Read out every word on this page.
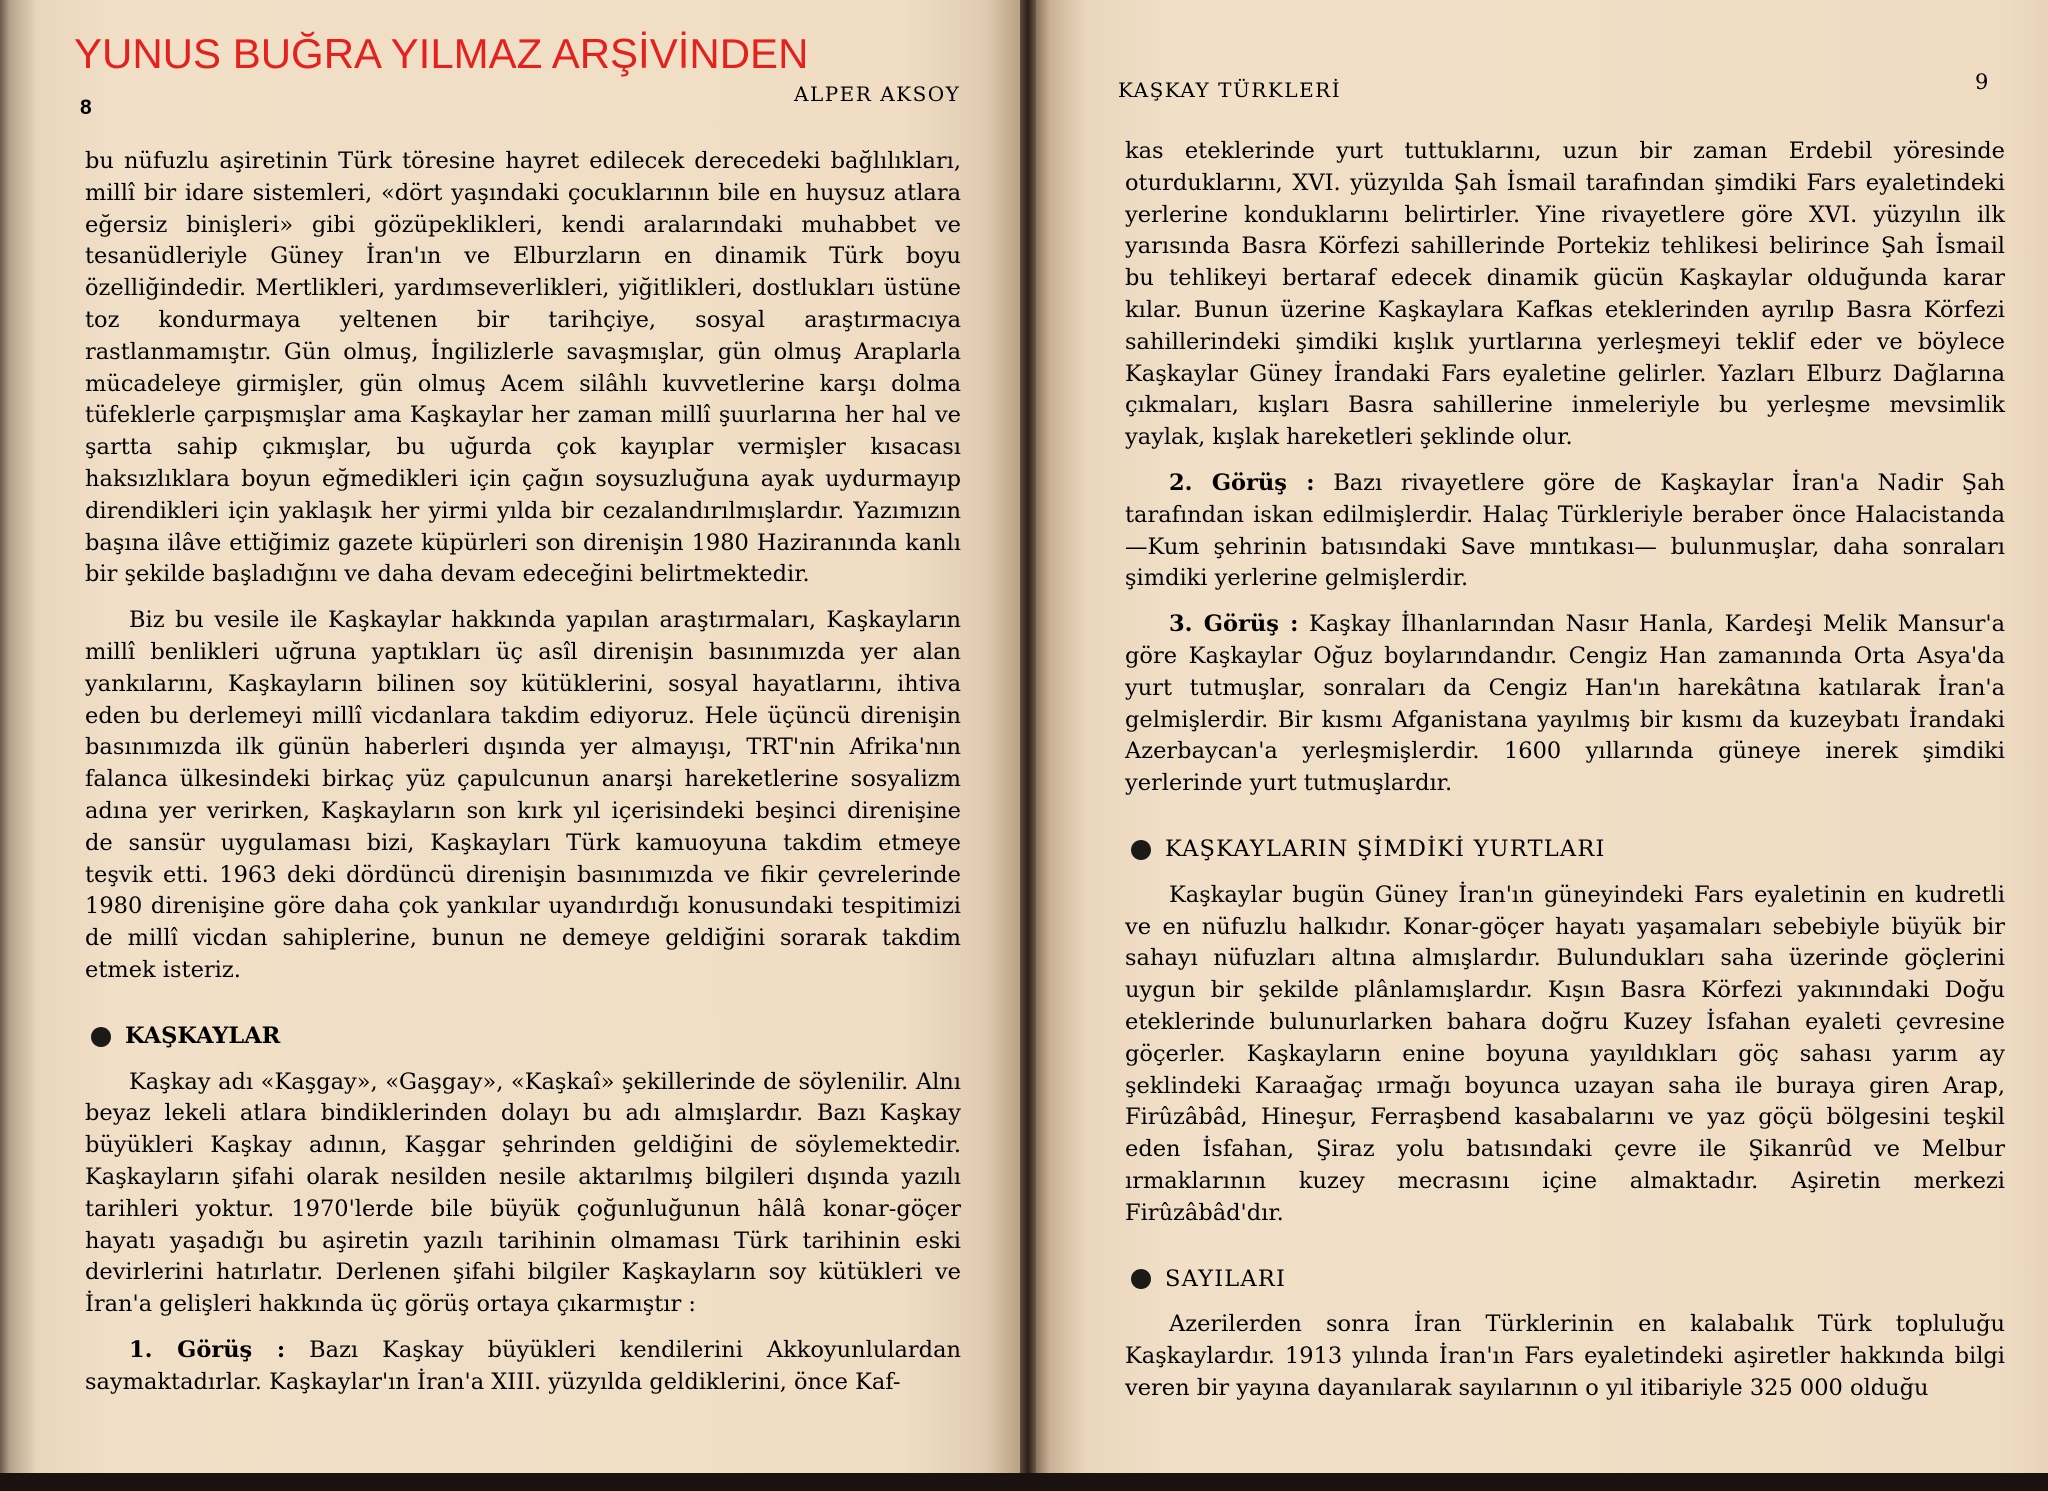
YUNUS BUĞRA YILMAZ ARŞİVİNDEN
8
ALPER AKSOY	KAŞKAY TÜRKLERİ	9

bu nüfuzlu aşiretinin Türk töresine hayret edilecek derecedeki bağlılıkları, millî bir idare sistemleri, «dört yaşındaki çocuklarının bile en huysuz atlara eğersiz binişleri» gibi gözüpeklikleri, kendi aralarındaki muhabbet ve tesanüdleriyle Güney İran'ın ve Elburzların en dinamik Türk boyu özelliğindedir. Mertlikleri, yardımseverlikleri, yiğitlikleri, dostlukları üstüne toz kondurmaya yeltenen bir tarihçiye, sosyal araştırmacıya rastlanmamıştır. Gün olmuş, İngilizlerle savaşmışlar, gün olmuş Araplarla mücadeleye girmişler, gün olmuş Acem silâhlı kuvvetlerine karşı dolma tüfeklerle çarpışmışlar ama Kaşkaylar her zaman millî şuurlarına her hal ve şartta sahip çıkmışlar, bu uğurda çok kayıplar vermişler kısacası haksızlıklara boyun eğmedikleri için çağın soysuzluğuna ayak uydurmayıp direndikleri için yaklaşık her yirmi yılda bir cezalandırılmışlardır. Yazımızın başına ilâve ettiğimiz gazete küpürleri son direnişin 1980 Haziranında kanlı bir şekilde başladığını ve daha devam edeceğini belirtmektedir.

Biz bu vesile ile Kaşkaylar hakkında yapılan araştırmaları, Kaşkayların millî benlikleri uğruna yaptıkları üç asîl direnişin basınımızda yer alan yankılarını, Kaşkayların bilinen soy kütüklerini, sosyal hayatlarını, ihtiva eden bu derlemeyi millî vicdanlara takdim ediyoruz. Hele üçüncü direnişin basınımızda ilk günün haberleri dışında yer almayışı, TRT'nin Afrika'nın falanca ülkesindeki birkaç yüz çapulcunun anarşi hareketlerine sosyalizm adına yer verirken, Kaşkayların son kırk yıl içerisindeki beşinci direnişine de sansür uygulaması bizi, Kaşkayları Türk kamuoyuna takdim etmeye teşvik etti. 1963 deki dördüncü direnişin basınımızda ve fikir çevrelerinde 1980 direnişine göre daha çok yankılar uyandırdığı konusundaki tespitimizi de millî vicdan sahiplerine, bunun ne demeye geldiğini sorarak takdim etmek isteriz.

KAŞKAYLAR

Kaşkay adı «Kaşgay», «Gaşgay», «Kaşkaî» şekillerinde de söylenilir. Alnı beyaz lekeli atlara bindiklerinden dolayı bu adı almışlardır. Bazı Kaşkay büyükleri Kaşkay adının, Kaşgar şehrinden geldiğini de söylemektedir. Kaşkayların şifahi olarak nesilden nesile aktarılmış bilgileri dışında yazılı tarihleri yoktur. 1970'lerde bile büyük çoğunluğunun hâlâ konar-göçer hayatı yaşadığı bu aşiretin yazılı tarihinin olmaması Türk tarihinin eski devirlerini hatırlatır. Derlenen şifahi bilgiler Kaşkayların soy kütükleri ve İran'a gelişleri hakkında üç görüş ortaya çıkarmıştır :

1. Görüş : Bazı Kaşkay büyükleri kendilerini Akkoyunlulardan saymaktadırlar. Kaşkaylar'ın İran'a XIII. yüzyılda geldiklerini, önce Kaf-

kas eteklerinde yurt tuttuklarını, uzun bir zaman Erdebil yöresinde oturduklarını, XVI. yüzyılda Şah İsmail tarafından şimdiki Fars eyaletindeki yerlerine konduklarını belirtirler. Yine rivayetlere göre XVI. yüzyılın ilk yarısında Basra Körfezi sahillerinde Portekiz tehlikesi belirince Şah İsmail bu tehlikeyi bertaraf edecek dinamik gücün Kaşkaylar olduğunda karar kılar. Bunun üzerine Kaşkaylara Kafkas eteklerinden ayrılıp Basra Körfezi sahillerindeki şimdiki kışlık yurtlarına yerleşmeyi teklif eder ve böylece Kaşkaylar Güney İrandaki Fars eyaletine gelirler. Yazları Elburz Dağlarına çıkmaları, kışları Basra sahillerine inmeleriyle bu yerleşme mevsimlik yaylak, kışlak hareketleri şeklinde olur.

2. Görüş : Bazı rivayetlere göre de Kaşkaylar İran'a Nadir Şah tarafından iskan edilmişlerdir. Halaç Türkleriyle beraber önce Halacistanda —Kum şehrinin batısındaki Save mıntıkası— bulunmuşlar, daha sonraları şimdiki yerlerine gelmişlerdir.

3. Görüş : Kaşkay İlhanlarından Nasır Hanla, Kardeşi Melik Mansur'a göre Kaşkaylar Oğuz boylarındandır. Cengiz Han zamanında Orta Asya'da yurt tutmuşlar, sonraları da Cengiz Han'ın harekâtına katılarak İran'a gelmişlerdir. Bir kısmı Afganistana yayılmış bir kısmı da kuzeybatı İrandaki Azerbaycan'a yerleşmişlerdir. 1600 yıllarında güneye inerek şimdiki yerlerinde yurt tutmuşlardır.

KAŞKAYLARIN ŞİMDİKİ YURTLARI

Kaşkaylar bugün Güney İran'ın güneyindeki Fars eyaletinin en kudretli ve en nüfuzlu halkıdır. Konar-göçer hayatı yaşamaları sebebiyle büyük bir sahayı nüfuzları altına almışlardır. Bulundukları saha üzerinde göçlerini uygun bir şekilde plânlamışlardır. Kışın Basra Körfezi yakınındaki Doğu eteklerinde bulunurlarken bahara doğru Kuzey İsfahan eyaleti çevresine göçerler. Kaşkayların enine boyuna yayıldıkları göç sahası yarım ay şeklindeki Karaağaç ırmağı boyunca uzayan saha ile buraya giren Arap, Firûzâbâd, Hineşur, Ferraşbend kasabalarını ve yaz göçü bölgesini teşkil eden İsfahan, Şiraz yolu batısındaki çevre ile Şikanrûd ve Melbur ırmaklarının kuzey mecrasını içine almaktadır. Aşiretin merkezi Firûzâbâd'dır.

SAYILARI

Azerilerden sonra İran Türklerinin en kalabalık Türk topluluğu Kaşkaylardır. 1913 yılında İran'ın Fars eyaletindeki aşiretler hakkında bilgi veren bir yayına dayanılarak sayılarının o yıl itibariyle 325 000 olduğu
